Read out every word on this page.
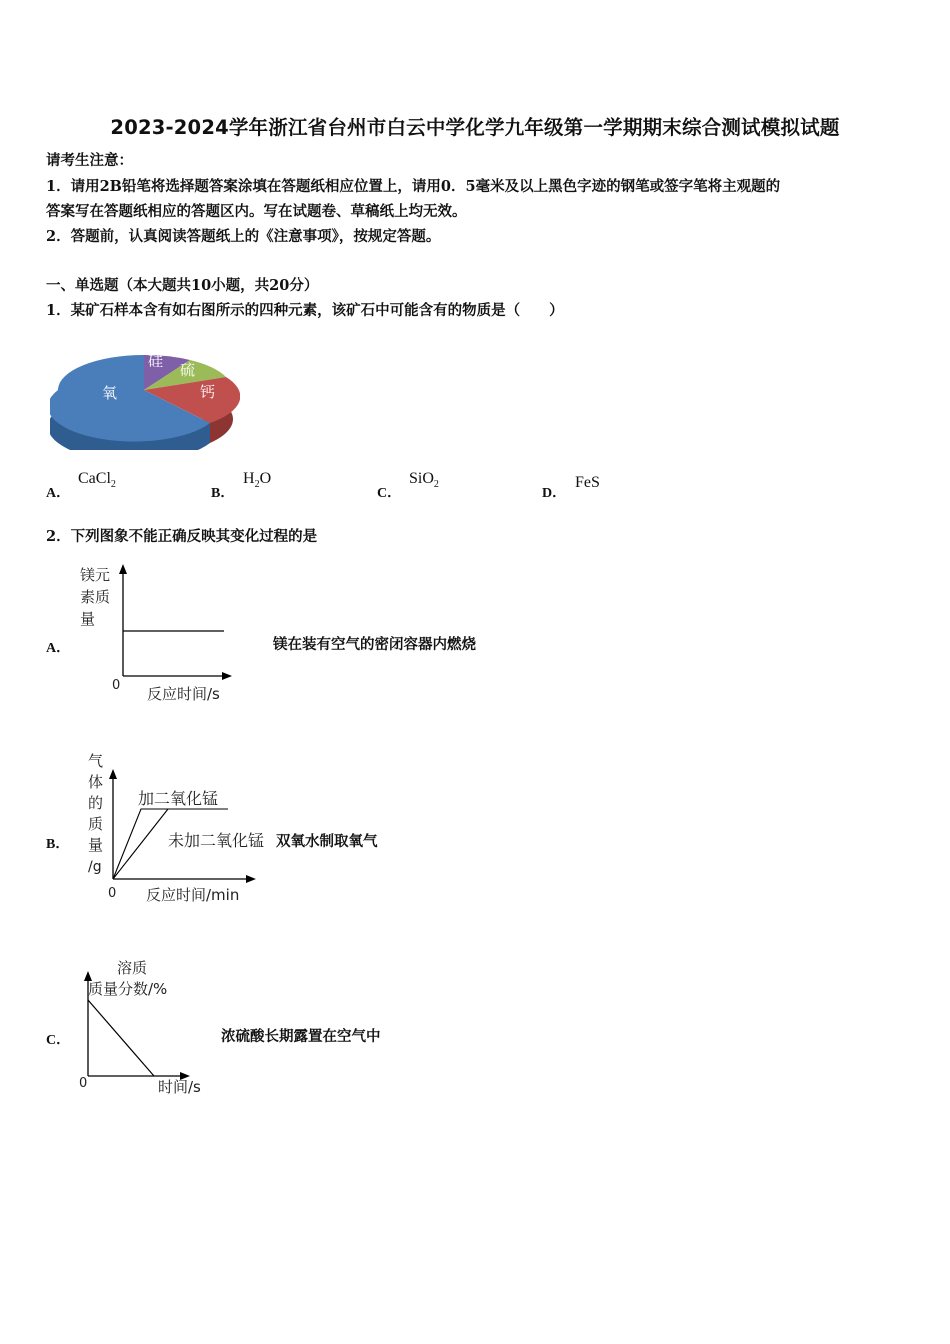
2023-2024学年浙江省台州市白云中学化学九年级第一学期期末综合测试模拟试题
请考生注意：
1．请用2B铅笔将选择题答案涂填在答题纸相应位置上，请用0．5毫米及以上黑色字迹的钢笔或签字笔将主观题的
答案写在答题纸相应的答题区内。写在试题卷、草稿纸上均无效。
2．答题前，认真阅读答题纸上的《注意事项》，按规定答题。
一、单选题（本大题共10小题，共20分）
1．某矿石样本含有如右图所示的四种元素，该矿石中可能含有的物质是（　　）
硅 硫
钙
氧
A．
CaCl$_2$
B．
$H_2O$
C．
SiO$_2$
D．
FeS
2．下列图象不能正确反映其变化过程的是
A．
镁元
素质
量
0 反应时间/s
镁在装有空气的密闭容器内燃烧
B．
气
体
的
质
量
/g
加二氧化锰
未加二氧化锰
0 反应时间/min
双氧水制取氧气
C．
溶质
质量分数/%
0	时间/s
浓硫酸长期露置在空气中
